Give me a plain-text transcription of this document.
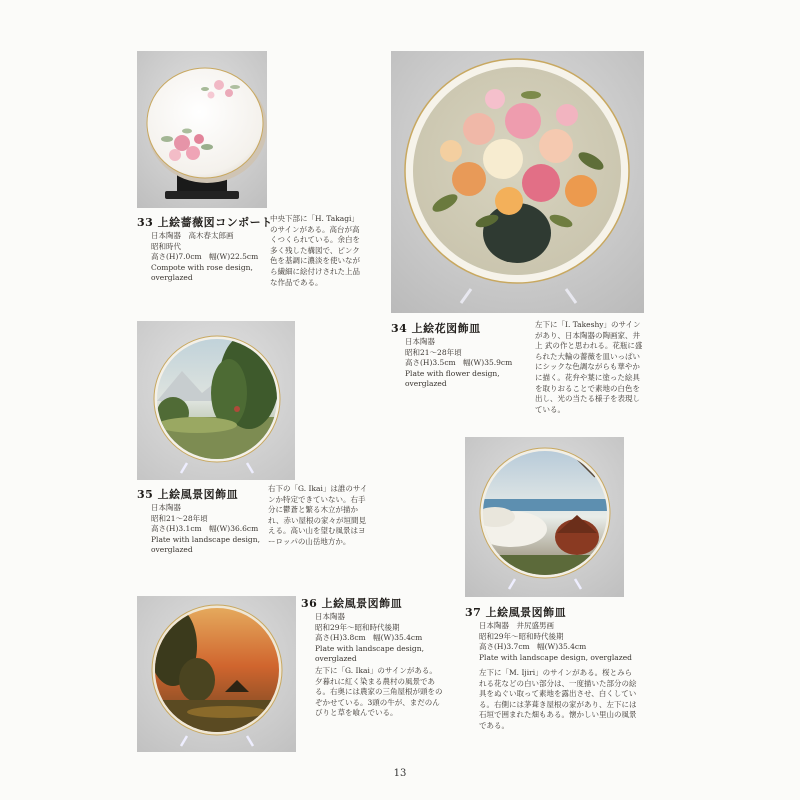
33 上絵薔薇図コンポート
日本陶器　高木春太郎画
昭和時代
高さ(H)7.0cm　幅(W)22.5cm
Compote with rose design,
overglazed
中央下部に「H. Takagi」のサインがある。高台が高くつくられている。余白を多く残した構図で、ピンク色を基調に濃淡を使いながら繊細に絵付けされた上品な作品である。
34 上絵花図飾皿
日本陶器
昭和21～28年頃
高さ(H)3.5cm　幅(W)35.9cm
Plate with flower design,
overglazed
左下に「I. Takeshy」のサインがあり、日本陶器の陶画家、井上 武の作と思われる。花瓶に盛られた大輪の薔薇を皿いっぱいにシックな色調ながらも華やかに描く。花弁や葉に塗った絵具を取りおることで素地の白色を出し、光の当たる様子を表現している。
35 上絵風景図飾皿
日本陶器
昭和21～28年頃
高さ(H)3.1cm　幅(W)36.6cm
Plate with landscape design,
overglazed
右下の「G. Ikai」は誰のサインか特定できていない。右手分に鬱蒼と繁る木立が描かれ、赤い屋根の家々が垣間見える。高い山を望む風景はヨーロッパの山岳地方か。
36 上絵風景図飾皿
日本陶器
昭和29年～昭和時代後期
高さ(H)3.8cm　幅(W)35.4cm
Plate with landscape design,
overglazed
左下に「G. Ikai」のサインがある。夕暮れに紅く染まる農村の風景である。右奥には農家の三角屋根が頭をのぞかせている。3頭の牛が、まだのんびりと草を喰んでいる。
37 上絵風景図飾皿
日本陶器　井尻盛男画
昭和29年～昭和時代後期
高さ(H)3.7cm　幅(W)35.4cm
Plate with landscape design, overglazed
左下に「M. Ijiri」のサインがある。桜とみられる花などの白い部分は、一度描いた部分の絵具をぬぐい取って素地を露出させ、白くしている。右側には茅葺き屋根の家があり、左下には石垣で囲まれた畑もある。懐かしい里山の風景である。
13
